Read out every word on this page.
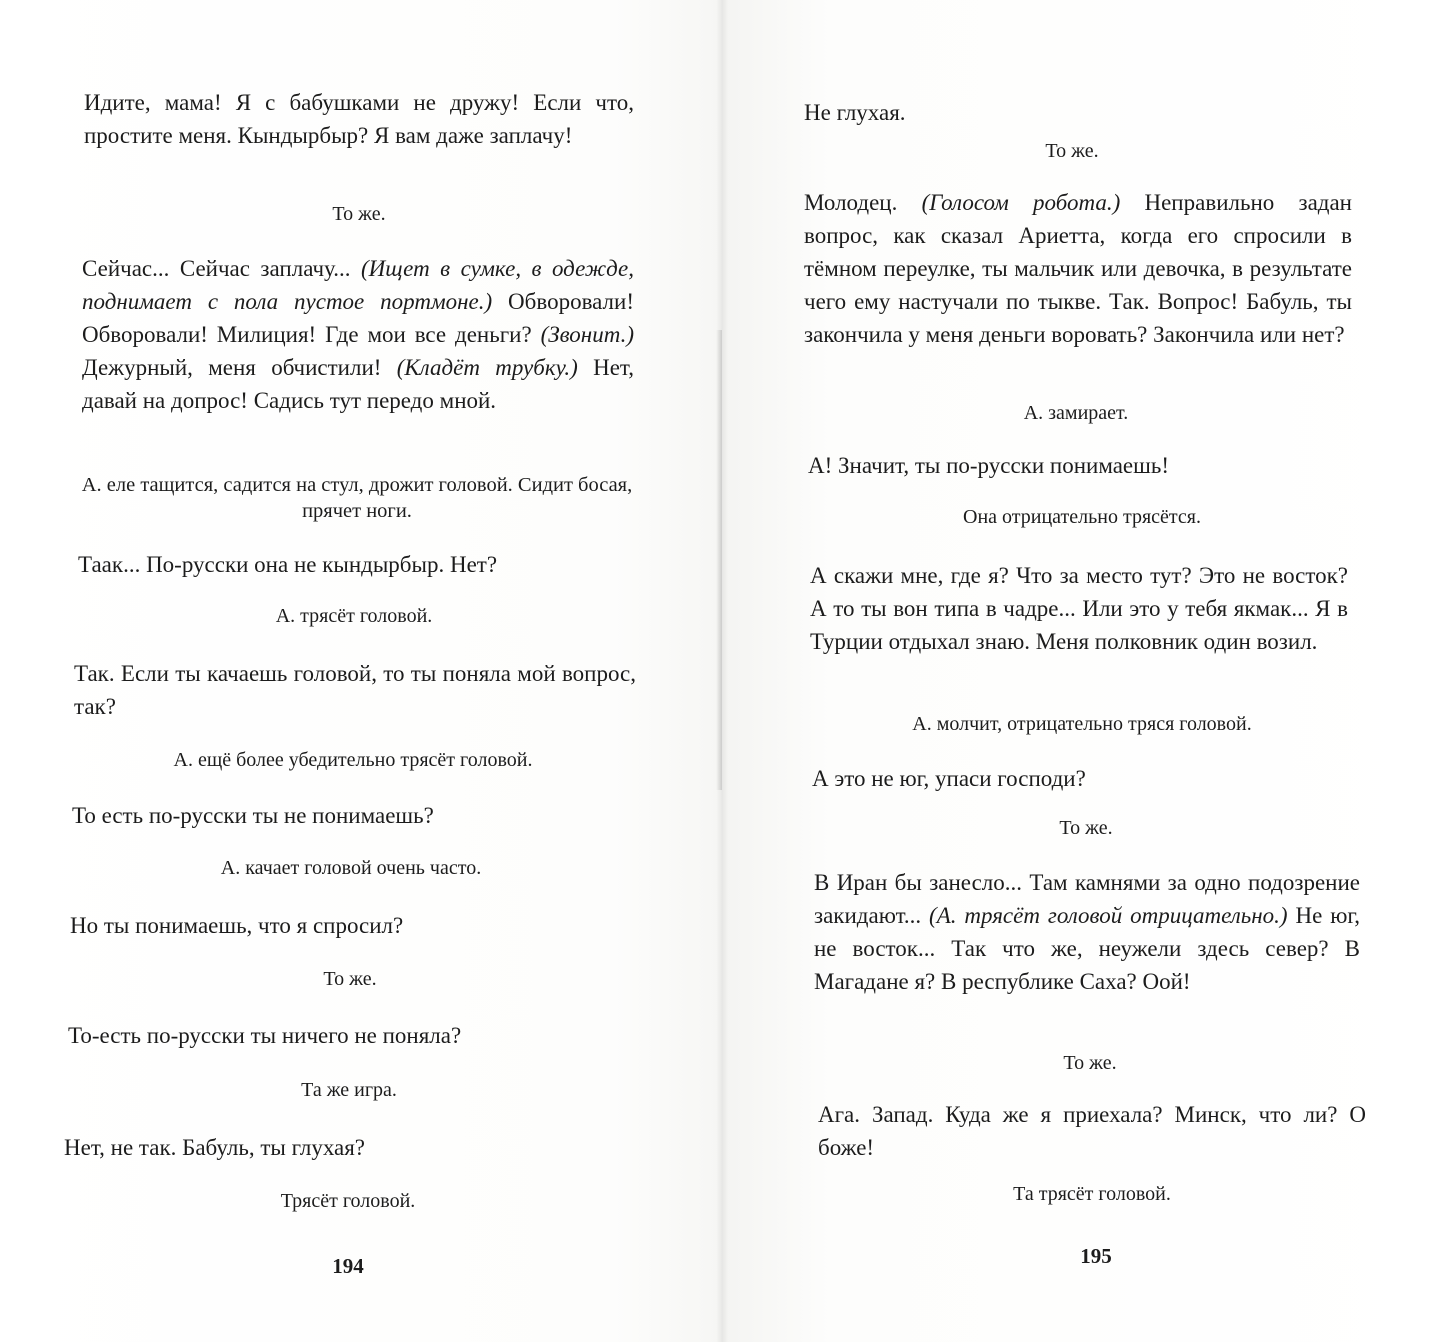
Идите, мама! Я с бабушками не дружу! Если что, простите меня. Кындырбыр? Я вам даже заплачу!
То же.
Сейчас... Сейчас заплачу... (Ищет в сумке, в одежде, поднимает с пола пустое портмоне.) Обворовали! Обворовали! Милиция! Где мои все деньги? (Звонит.) Дежурный, меня обчистили! (Кладёт трубку.) Нет, давай на допрос! Садись тут передо мной.
А. еле тащится, садится на стул, дрожит головой. Сидит босая, прячет ноги.
Таак... По-русски она не кындырбыр. Нет?
А. трясёт головой.
Так. Если ты качаешь головой, то ты поняла мой вопрос, так?
А. ещё более убедительно трясёт головой.
То есть по-русски ты не понимаешь?
А. качает головой очень часто.
Но ты понимаешь, что я спросил?
То же.
То-есть по-русски ты ничего не поняла?
Та же игра.
Нет, не так. Бабуль, ты глухая?
Трясёт головой.
194
Не глухая.
То же.
Молодец. (Голосом робота.) Неправильно задан вопрос, как сказал Ариетта, когда его спросили в тёмном переулке, ты мальчик или девочка, в результате чего ему настучали по тыкве. Так. Вопрос! Бабуль, ты закончила у меня деньги воровать? Закончила или нет?
А. замирает.
А! Значит, ты по-русски понимаешь!
Она отрицательно трясётся.
А скажи мне, где я? Что за место тут? Это не восток? А то ты вон типа в чадре... Или это у тебя якмак... Я в Турции отдыхал знаю. Меня полковник один возил.
А. молчит, отрицательно тряся головой.
А это не юг, упаси господи?
То же.
В Иран бы занесло... Там камнями за одно подозрение закидают... (А. трясёт головой отрицательно.) Не юг, не восток... Так что же, неужели здесь север? В Магадане я? В республике Саха? Оой!
То же.
Ага. Запад. Куда же я приехала? Минск, что ли? О боже!
Та трясёт головой.
195
